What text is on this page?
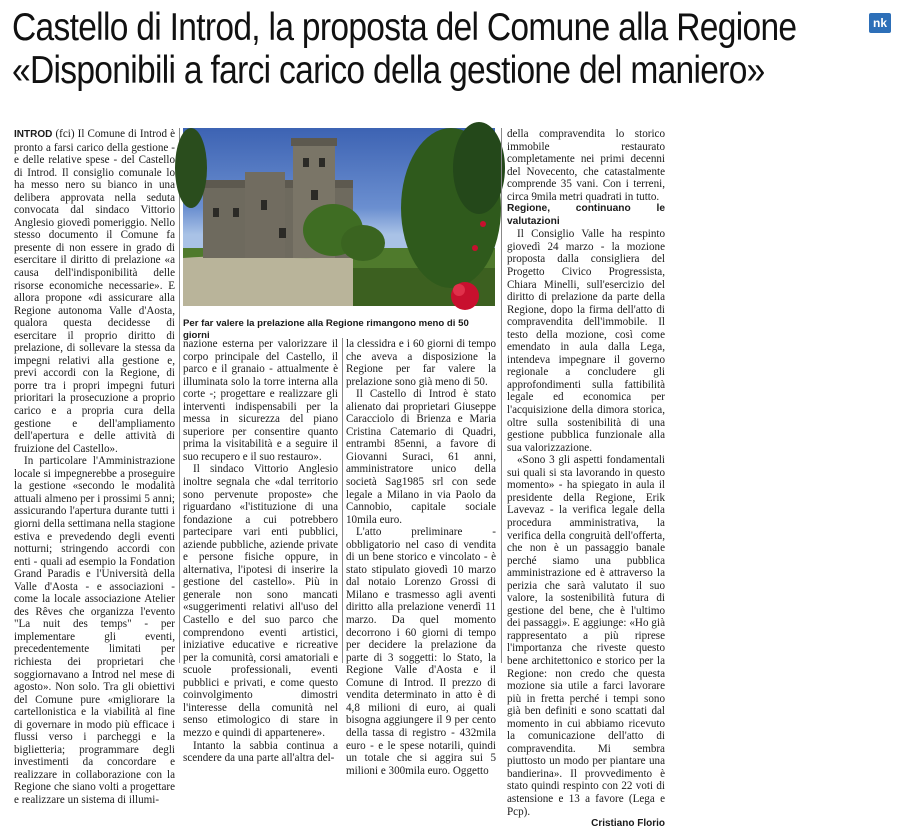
Castello di Introd, la proposta del Comune alla Regione
«Disponibili a farci carico della gestione del maniero»
nk

INTROD (fci) Il Comune di Introd è pronto a farsi carico della gestione - e delle relative spese - del Castello di Introd. Il consiglio comunale lo ha messo nero su bianco in una delibera approvata nella seduta convocata dal sindaco Vittorio Anglesio giovedì pomeriggio. Nello stesso documento il Comune fa presente di non essere in grado di esercitare il diritto di prelazione «a causa dell'indisponibilità delle risorse economiche necessarie». E allora propone «di assicurare alla Regione autonoma Valle d'Aosta, qualora questa decidesse di esercitare il proprio diritto di prelazione, di sollevare la stessa da impegni relativi alla gestione e, previ accordi con la Regione, di porre tra i propri impegni futuri prioritari la prosecuzione a proprio carico e a propria cura della gestione e dell'ampliamento dell'apertura e delle attività di fruizione del Castello».

In particolare l'Amministrazione locale si impegnerebbe a proseguire la gestione «secondo le modalità attuali almeno per i prossimi 5 anni; assicurando l'apertura durante tutti i giorni della settimana nella stagione estiva e prevedendo degli eventi notturni; stringendo accordi con enti - quali ad esempio la Fondation Grand Paradis e l'Università della Valle d'Aosta - e associazioni - come la locale associazione Atelier des Rêves che organizza l'evento "La nuit des temps" - per implementare gli eventi, precedentemente limitati per richiesta dei proprietari che soggiornavano a Introd nel mese di agosto». Non solo. Tra gli obiettivi del Comune pure «migliorare la cartellonistica e la viabilità al fine di governare in modo più efficace i flussi verso i parcheggi e la biglietteria; programmare degli investimenti da concordare e realizzare in collaborazione con la Regione che siano volti a progettare e realizzare un sistema di illumi-

Per far valere la prelazione alla Regione rimangono meno di 50 giorni

nazione esterna per valorizzare il corpo principale del Castello, il parco e il granaio - attualmente è illuminata solo la torre interna alla corte -; progettare e realizzare gli interventi indispensabili per la messa in sicurezza del piano superiore per consentire quanto prima la visitabilità e a seguire il suo recupero e il suo restauro».

Il sindaco Vittorio Anglesio inoltre segnala che «dal territorio sono pervenute proposte» che riguardano «l'istituzione di una fondazione a cui potrebbero partecipare vari enti pubblici, aziende pubbliche, aziende private e persone fisiche oppure, in alternativa, l'ipotesi di inserire la gestione del castello». Più in generale non sono mancati «suggerimenti relativi all'uso del Castello e del suo parco che comprendono eventi artistici, iniziative educative e ricreative per la comunità, corsi amatoriali e scuole professionali, eventi pubblici e privati, e come questo coinvolgimento dimostri l'interesse della comunità nel senso etimologico di stare in mezzo e quindi di appartenere».

Intanto la sabbia continua a scendere da una parte all'altra del-

la clessidra e i 60 giorni di tempo che aveva a disposizione la Regione per far valere la prelazione sono già meno di 50.

Il Castello di Introd è stato alienato dai proprietari Giuseppe Caracciolo di Brienza e Maria Cristina Catemario di Quadri, entrambi 85enni, a favore di Giovanni Suraci, 61 anni, amministratore unico della società Sag1985 srl con sede legale a Milano in via Paolo da Cannobio, capitale sociale 10mila euro.

L'atto preliminare - obbligatorio nel caso di vendita di un bene storico e vincolato - è stato stipulato giovedì 10 marzo dal notaio Lorenzo Grossi di Milano e trasmesso agli aventi diritto alla prelazione venerdì 11 marzo. Da quel momento decorrono i 60 giorni di tempo per decidere la prelazione da parte di 3 soggetti: lo Stato, la Regione Valle d'Aosta e il Comune di Introd. Il prezzo di vendita determinato in atto è di 4,8 milioni di euro, ai quali bisogna aggiungere il 9 per cento della tassa di registro - 432mila euro - e le spese notarili, quindi un totale che si aggira sui 5 milioni e 300mila euro. Oggetto

della compravendita lo storico immobile restaurato completamente nei primi decenni del Novecento, che catastalmente comprende 35 vani. Con i terreni, circa 9mila metri quadrati in tutto.

Regione, continuano le valutazioni

Il Consiglio Valle ha respinto giovedì 24 marzo - la mozione proposta dalla consigliera del Progetto Civico Progressista, Chiara Minelli, sull'esercizio del diritto di prelazione da parte della Regione, dopo la firma dell'atto di compravendita dell'immobile. Il testo della mozione, così come emendato in aula dalla Lega, intendeva impegnare il governo regionale a concludere gli approfondimenti sulla fattibilità legale ed economica per l'acquisizione della dimora storica, oltre sulla sostenibilità di una gestione pubblica funzionale alla sua valorizzazione.

«Sono 3 gli aspetti fondamentali sui quali si sta lavorando in questo momento» - ha spiegato in aula il presidente della Regione, Erik Lavevaz - la verifica legale della procedura amministrativa, la verifica della congruità dell'offerta, che non è un passaggio banale perché siamo una pubblica amministrazione ed è attraverso la perizia che sarà valutato il suo valore, la sostenibilità futura di gestione del bene, che è l'ultimo dei passaggi». E aggiunge: «Ho già rappresentato a più riprese l'importanza che riveste questo bene architettonico e storico per la Regione: non credo che questa mozione sia utile a farci lavorare più in fretta perché i tempi sono già ben definiti e sono scattati dal momento in cui abbiamo ricevuto la comunicazione dell'atto di compravendita. Mi sembra piuttosto un modo per piantare una bandierina». Il provvedimento è stato quindi respinto con 22 voti di astensione e 13 a favore (Lega e Pcp).

Cristiano Florio
